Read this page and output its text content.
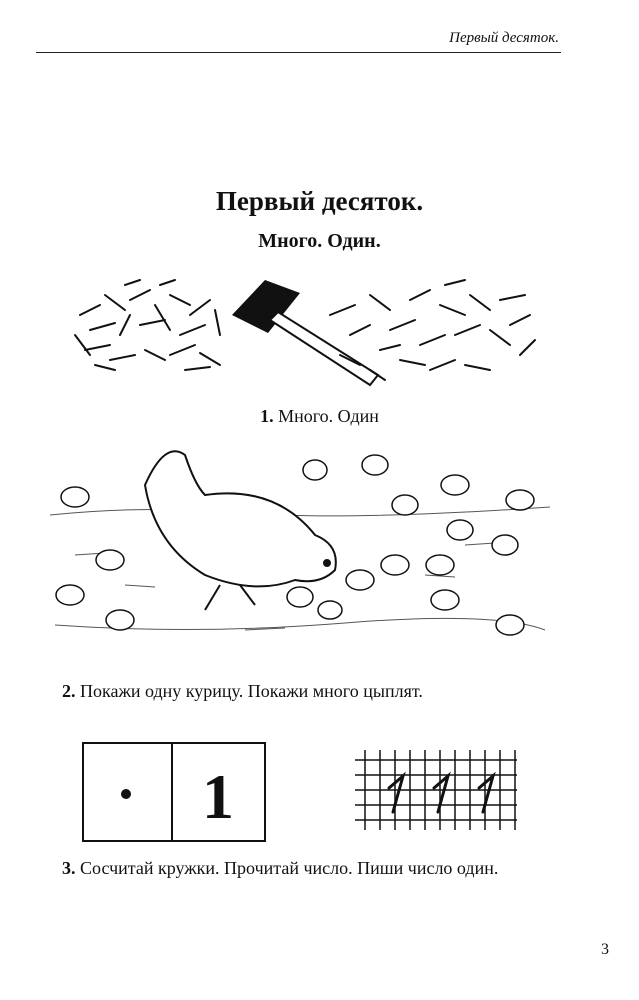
Первый десяток.
Первый десяток.
Много. Один.
1. Много. Один
2. Покажи одну курицу. Покажи много цыплят.
1
3. Сосчитай кружки. Прочитай число. Пиши число один.
3
